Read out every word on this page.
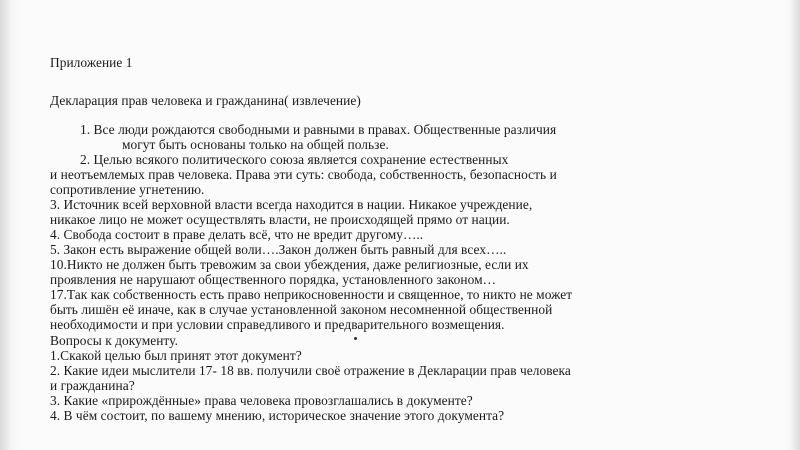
Приложение 1
Декларация прав человека и гражданина( извлечение)
1. Все люди рождаются свободными и равными в правах. Общественные различия
могут быть основаны только на общей пользе.
2. Целью всякого политического союза является сохранение естественных
и неотъемлемых прав человека. Права эти суть: свобода, собственность, безопасность и
сопротивление угнетению.
3. Источник всей верховной власти всегда находится в нации. Никакое учреждение,
никакое лицо не может осуществлять власти, не происходящей прямо от нации.
4. Свобода состоит в праве делать всё, что не вредит другому…..
5. Закон есть выражение общей воли….Закон должен быть равный для всех…..
10.Никто не должен быть тревожим за свои убеждения, даже религиозные, если их
проявления не нарушают общественного порядка, установленного законом…
17.Так как собственность есть право неприкосновенности и священное, то никто не может
быть лишён её иначе, как в случае установленной законом несомненной общественной
необходимости и при условии справедливого и предварительного возмещения.
Вопросы к документу.
1.Скакой целью был принят этот документ?
2. Какие идеи мыслители 17- 18 вв. получили своё отражение в Декларации прав человека
и гражданина?
3. Какие «прирождённые» права человека провозглашались в документе?
4. В чём состоит, по вашему мнению, историческое значение этого документа?
